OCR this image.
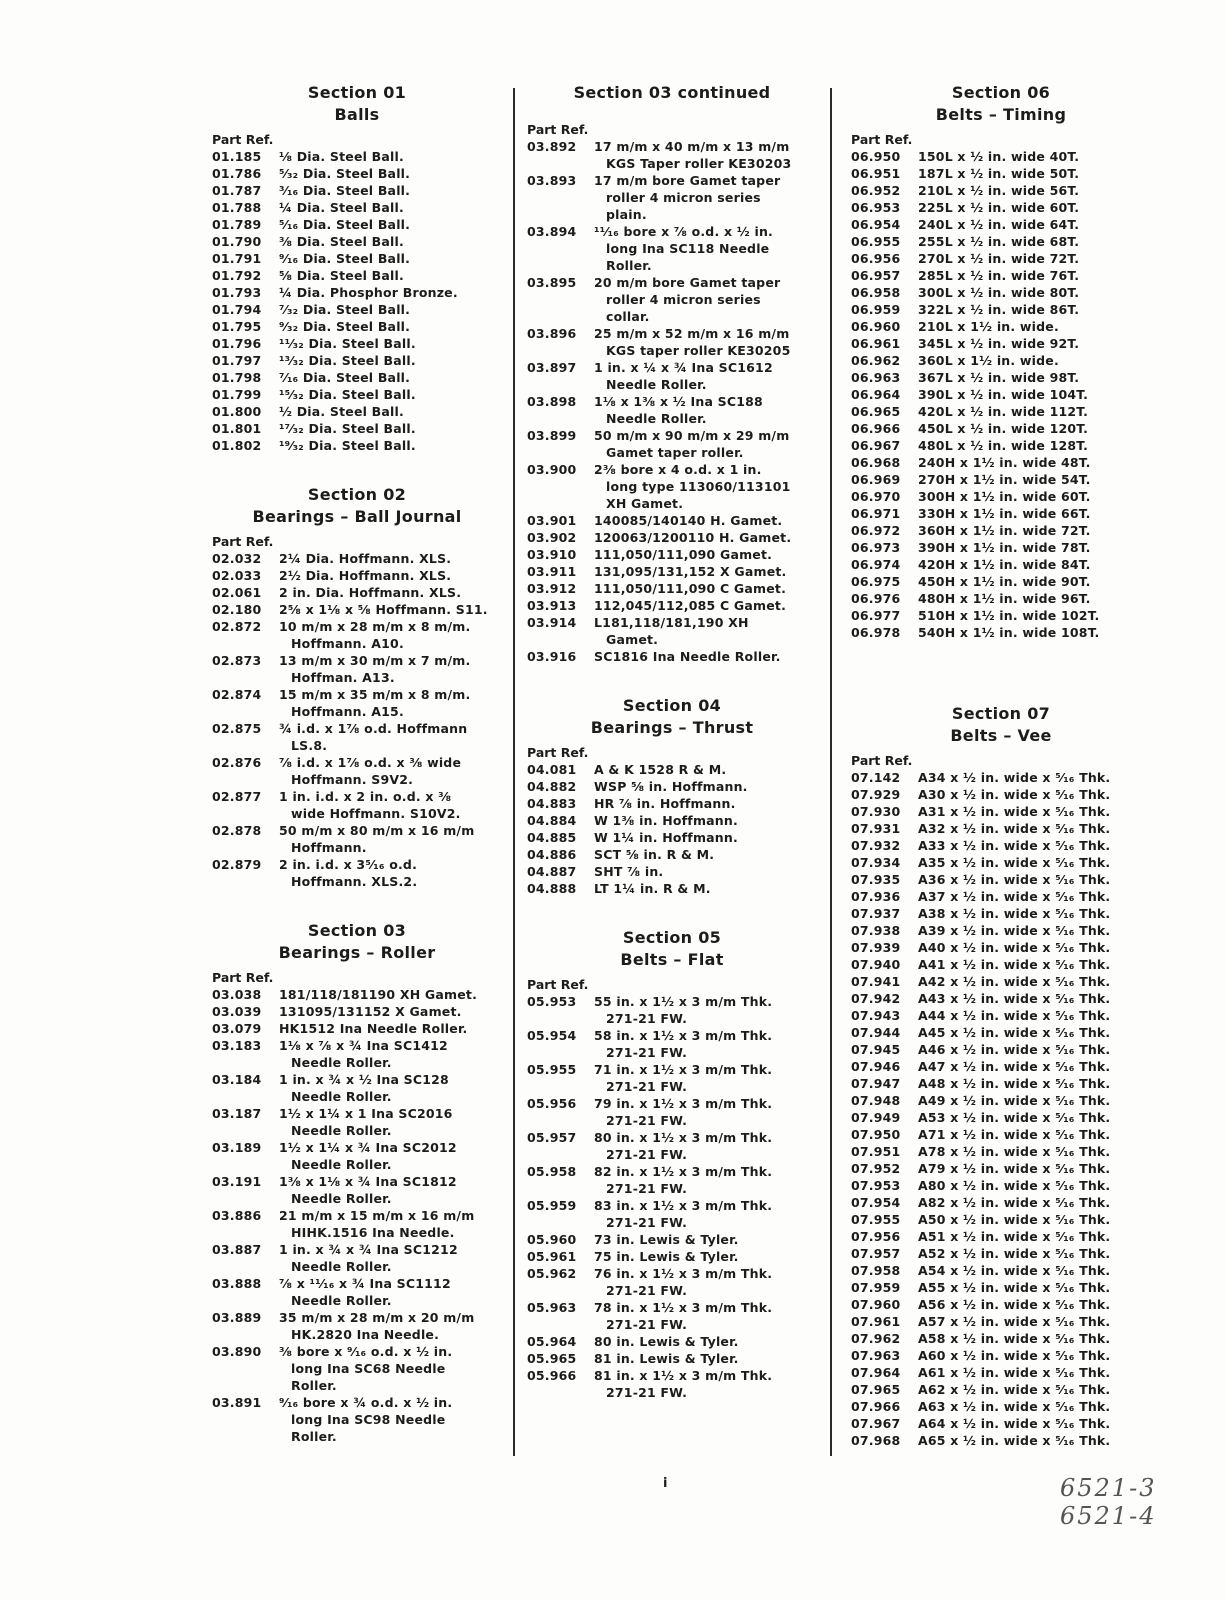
Section 01
Balls
Part Ref.
01.185	⅛ Dia. Steel Ball.
01.786	⁵⁄₃₂ Dia. Steel Ball.
01.787	³⁄₁₆ Dia. Steel Ball.
01.788	¼ Dia. Steel Ball.
01.789	⁵⁄₁₆ Dia. Steel Ball.
01.790	⅜ Dia. Steel Ball.
01.791	⁹⁄₁₆ Dia. Steel Ball.
01.792	⅝ Dia. Steel Ball.
01.793	¼ Dia. Phosphor Bronze.
01.794	⁷⁄₃₂ Dia. Steel Ball.
01.795	⁹⁄₃₂ Dia. Steel Ball.
01.796	¹¹⁄₃₂ Dia. Steel Ball.
01.797	¹³⁄₃₂ Dia. Steel Ball.
01.798	⁷⁄₁₆ Dia. Steel Ball.
01.799	¹⁵⁄₃₂ Dia. Steel Ball.
01.800	½ Dia. Steel Ball.
01.801	¹⁷⁄₃₂ Dia. Steel Ball.
01.802	¹⁹⁄₃₂ Dia. Steel Ball.
Section 02
Bearings – Ball Journal
Part Ref.
02.032	2¼ Dia. Hoffmann. XLS.
02.033	2½ Dia. Hoffmann. XLS.
02.061	2 in. Dia. Hoffmann. XLS.
02.180	2⅝ x 1⅛ x ⅝ Hoffmann. S11.
02.872	10 m/m x 28 m/m x 8 m/m.
Hoffmann. A10.
02.873	13 m/m x 30 m/m x 7 m/m.
Hoffman. A13.
02.874	15 m/m x 35 m/m x 8 m/m.
Hoffmann. A15.
02.875	¾ i.d. x 1⅞ o.d. Hoffmann
LS.8.
02.876	⅞ i.d. x 1⅞ o.d. x ⅜ wide
Hoffmann. S9V2.
02.877	1 in. i.d. x 2 in. o.d. x ⅜
wide Hoffmann. S10V2.
02.878	50 m/m x 80 m/m x 16 m/m
Hoffmann.
02.879	2 in. i.d. x 3⁵⁄₁₆ o.d.
Hoffmann. XLS.2.
Section 03
Bearings – Roller
Part Ref.
03.038	181/118/181190 XH Gamet.
03.039	131095/131152 X Gamet.
03.079	HK1512 Ina Needle Roller.
03.183	1⅛ x ⅞ x ¾ Ina SC1412
Needle Roller.
03.184	1 in. x ¾ x ½ Ina SC128
Needle Roller.
03.187	1½ x 1¼ x 1 Ina SC2016
Needle Roller.
03.189	1½ x 1¼ x ¾ Ina SC2012
Needle Roller.
03.191	1⅜ x 1⅛ x ¾ Ina SC1812
Needle Roller.
03.886	21 m/m x 15 m/m x 16 m/m
HIHK.1516 Ina Needle.
03.887	1 in. x ¾ x ¾ Ina SC1212
Needle Roller.
03.888	⅞ x ¹¹⁄₁₆ x ¾ Ina SC1112
Needle Roller.
03.889	35 m/m x 28 m/m x 20 m/m
HK.2820 Ina Needle.
03.890	⅜ bore x ⁹⁄₁₆ o.d. x ½ in.
long Ina SC68 Needle
Roller.
03.891	⁹⁄₁₆ bore x ¾ o.d. x ½ in.
long Ina SC98 Needle
Roller.
Section 03 continued
Part Ref.
03.892	17 m/m x 40 m/m x 13 m/m
KGS Taper roller KE30203
03.893	17 m/m bore Gamet taper
roller 4 micron series
plain.
03.894	¹¹⁄₁₆ bore x ⅞ o.d. x ½ in.
long Ina SC118 Needle
Roller.
03.895	20 m/m bore Gamet taper
roller 4 micron series
collar.
03.896	25 m/m x 52 m/m x 16 m/m
KGS taper roller KE30205
03.897	1 in. x ¼ x ¾ Ina SC1612
Needle Roller.
03.898	1⅛ x 1⅜ x ½ Ina SC188
Needle Roller.
03.899	50 m/m x 90 m/m x 29 m/m
Gamet taper roller.
03.900	2⅜ bore x 4 o.d. x 1 in.
long type 113060/113101
XH Gamet.
03.901	140085/140140 H. Gamet.
03.902	120063/1200110 H. Gamet.
03.910	111,050/111,090 Gamet.
03.911	131,095/131,152 X Gamet.
03.912	111,050/111,090 C Gamet.
03.913	112,045/112,085 C Gamet.
03.914	L181,118/181,190 XH
Gamet.
03.916	SC1816 Ina Needle Roller.
Section 04
Bearings – Thrust
Part Ref.
04.081	A & K 1528 R & M.
04.882	WSP ⅝ in. Hoffmann.
04.883	HR ⅞ in. Hoffmann.
04.884	W 1⅜ in. Hoffmann.
04.885	W 1¼ in. Hoffmann.
04.886	SCT ⅝ in. R & M.
04.887	SHT ⅞ in.
04.888	LT 1¼ in. R & M.
Section 05
Belts – Flat
Part Ref.
05.953	55 in. x 1½ x 3 m/m Thk.
271-21 FW.
05.954	58 in. x 1½ x 3 m/m Thk.
271-21 FW.
05.955	71 in. x 1½ x 3 m/m Thk.
271-21 FW.
05.956	79 in. x 1½ x 3 m/m Thk.
271-21 FW.
05.957	80 in. x 1½ x 3 m/m Thk.
271-21 FW.
05.958	82 in. x 1½ x 3 m/m Thk.
271-21 FW.
05.959	83 in. x 1½ x 3 m/m Thk.
271-21 FW.
05.960	73 in. Lewis & Tyler.
05.961	75 in. Lewis & Tyler.
05.962	76 in. x 1½ x 3 m/m Thk.
271-21 FW.
05.963	78 in. x 1½ x 3 m/m Thk.
271-21 FW.
05.964	80 in. Lewis & Tyler.
05.965	81 in. Lewis & Tyler.
05.966	81 in. x 1½ x 3 m/m Thk.
271-21 FW.
Section 06
Belts – Timing
Part Ref.
06.950	150L x ½ in. wide 40T.
06.951	187L x ½ in. wide 50T.
06.952	210L x ½ in. wide 56T.
06.953	225L x ½ in. wide 60T.
06.954	240L x ½ in. wide 64T.
06.955	255L x ½ in. wide 68T.
06.956	270L x ½ in. wide 72T.
06.957	285L x ½ in. wide 76T.
06.958	300L x ½ in. wide 80T.
06.959	322L x ½ in. wide 86T.
06.960	210L x 1½ in. wide.
06.961	345L x ½ in. wide 92T.
06.962	360L x 1½ in. wide.
06.963	367L x ½ in. wide 98T.
06.964	390L x ½ in. wide 104T.
06.965	420L x ½ in. wide 112T.
06.966	450L x ½ in. wide 120T.
06.967	480L x ½ in. wide 128T.
06.968	240H x 1½ in. wide 48T.
06.969	270H x 1½ in. wide 54T.
06.970	300H x 1½ in. wide 60T.
06.971	330H x 1½ in. wide 66T.
06.972	360H x 1½ in. wide 72T.
06.973	390H x 1½ in. wide 78T.
06.974	420H x 1½ in. wide 84T.
06.975	450H x 1½ in. wide 90T.
06.976	480H x 1½ in. wide 96T.
06.977	510H x 1½ in. wide 102T.
06.978	540H x 1½ in. wide 108T.
Section 07
Belts – Vee
Part Ref.
07.142	A34 x ½ in. wide x ⁵⁄₁₆ Thk.
07.929	A30 x ½ in. wide x ⁵⁄₁₆ Thk.
07.930	A31 x ½ in. wide x ⁵⁄₁₆ Thk.
07.931	A32 x ½ in. wide x ⁵⁄₁₆ Thk.
07.932	A33 x ½ in. wide x ⁵⁄₁₆ Thk.
07.934	A35 x ½ in. wide x ⁵⁄₁₆ Thk.
07.935	A36 x ½ in. wide x ⁵⁄₁₆ Thk.
07.936	A37 x ½ in. wide x ⁵⁄₁₆ Thk.
07.937	A38 x ½ in. wide x ⁵⁄₁₆ Thk.
07.938	A39 x ½ in. wide x ⁵⁄₁₆ Thk.
07.939	A40 x ½ in. wide x ⁵⁄₁₆ Thk.
07.940	A41 x ½ in. wide x ⁵⁄₁₆ Thk.
07.941	A42 x ½ in. wide x ⁵⁄₁₆ Thk.
07.942	A43 x ½ in. wide x ⁵⁄₁₆ Thk.
07.943	A44 x ½ in. wide x ⁵⁄₁₆ Thk.
07.944	A45 x ½ in. wide x ⁵⁄₁₆ Thk.
07.945	A46 x ½ in. wide x ⁵⁄₁₆ Thk.
07.946	A47 x ½ in. wide x ⁵⁄₁₆ Thk.
07.947	A48 x ½ in. wide x ⁵⁄₁₆ Thk.
07.948	A49 x ½ in. wide x ⁵⁄₁₆ Thk.
07.949	A53 x ½ in. wide x ⁵⁄₁₆ Thk.
07.950	A71 x ½ in. wide x ⁵⁄₁₆ Thk.
07.951	A78 x ½ in. wide x ⁵⁄₁₆ Thk.
07.952	A79 x ½ in. wide x ⁵⁄₁₆ Thk.
07.953	A80 x ½ in. wide x ⁵⁄₁₆ Thk.
07.954	A82 x ½ in. wide x ⁵⁄₁₆ Thk.
07.955	A50 x ½ in. wide x ⁵⁄₁₆ Thk.
07.956	A51 x ½ in. wide x ⁵⁄₁₆ Thk.
07.957	A52 x ½ in. wide x ⁵⁄₁₆ Thk.
07.958	A54 x ½ in. wide x ⁵⁄₁₆ Thk.
07.959	A55 x ½ in. wide x ⁵⁄₁₆ Thk.
07.960	A56 x ½ in. wide x ⁵⁄₁₆ Thk.
07.961	A57 x ½ in. wide x ⁵⁄₁₆ Thk.
07.962	A58 x ½ in. wide x ⁵⁄₁₆ Thk.
07.963	A60 x ½ in. wide x ⁵⁄₁₆ Thk.
07.964	A61 x ½ in. wide x ⁵⁄₁₆ Thk.
07.965	A62 x ½ in. wide x ⁵⁄₁₆ Thk.
07.966	A63 x ½ in. wide x ⁵⁄₁₆ Thk.
07.967	A64 x ½ in. wide x ⁵⁄₁₆ Thk.
07.968	A65 x ½ in. wide x ⁵⁄₁₆ Thk.
i	6521-3
6521-4
